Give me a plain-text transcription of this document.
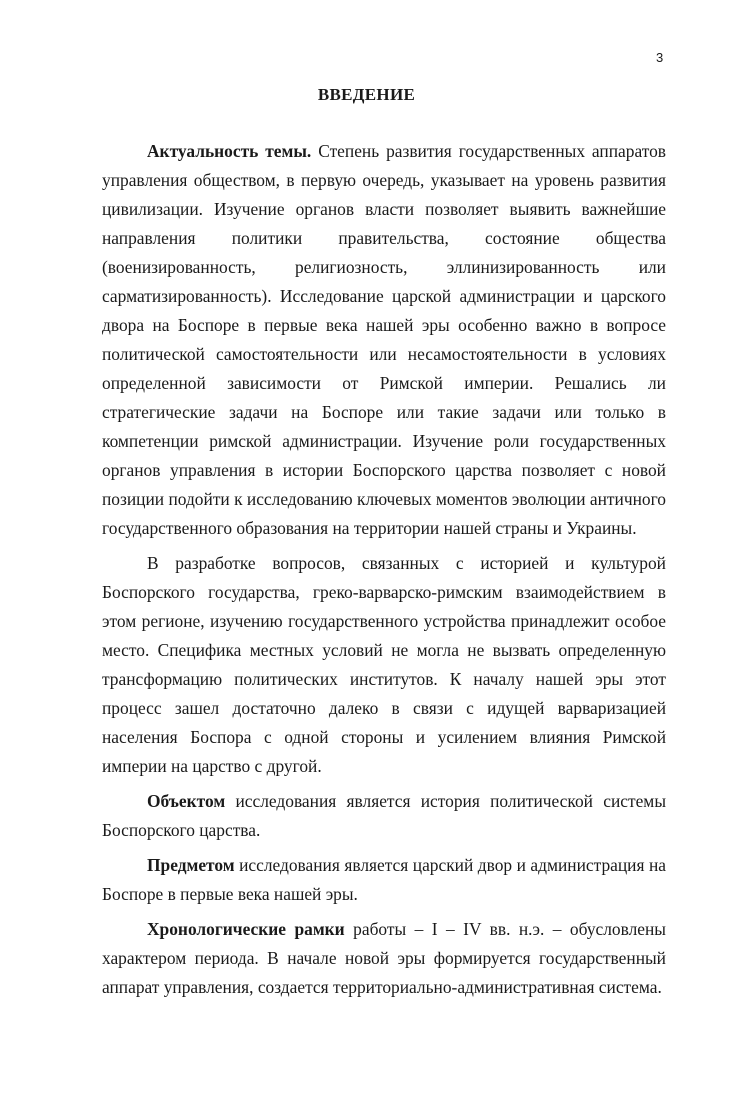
3
ВВЕДЕНИЕ

Актуальность темы. Степень развития государственных аппаратов управления обществом, в первую очередь, указывает на уровень развития цивилизации. Изучение органов власти позволяет выявить важнейшие направления политики правительства, состояние общества (военизированность, религиозность, эллинизированность или сарматизированность). Исследование царской администрации и царского двора на Боспоре в первые века нашей эры особенно важно в вопросе политической самостоятельности или несамостоятельности в условиях определенной зависимости от Римской империи. Решались ли стратегические задачи на Боспоре или такие задачи или только в компетенции римской администрации. Изучение роли государственных органов управления в истории Боспорского царства позволяет с новой позиции подойти к исследованию ключевых моментов эволюции античного государственного образования на территории нашей страны и Украины.

В разработке вопросов, связанных с историей и культурой Боспорского государства, греко-варварско-римским взаимодействием в этом регионе, изучению государственного устройства принадлежит особое место. Специфика местных условий не могла не вызвать определенную трансформацию политических институтов. К началу нашей эры этот процесс зашел достаточно далеко в связи с идущей варваризацией населения Боспора с одной стороны и усилением влияния Римской империи на царство с другой.

Объектом исследования является история политической системы Боспорского царства.

Предметом исследования является царский двор и администрация на Боспоре в первые века нашей эры.

Хронологические рамки работы – I – IV вв. н.э. – обусловлены характером периода. В начале новой эры формируется государственный аппарат управления, создается территориально-административная система.
